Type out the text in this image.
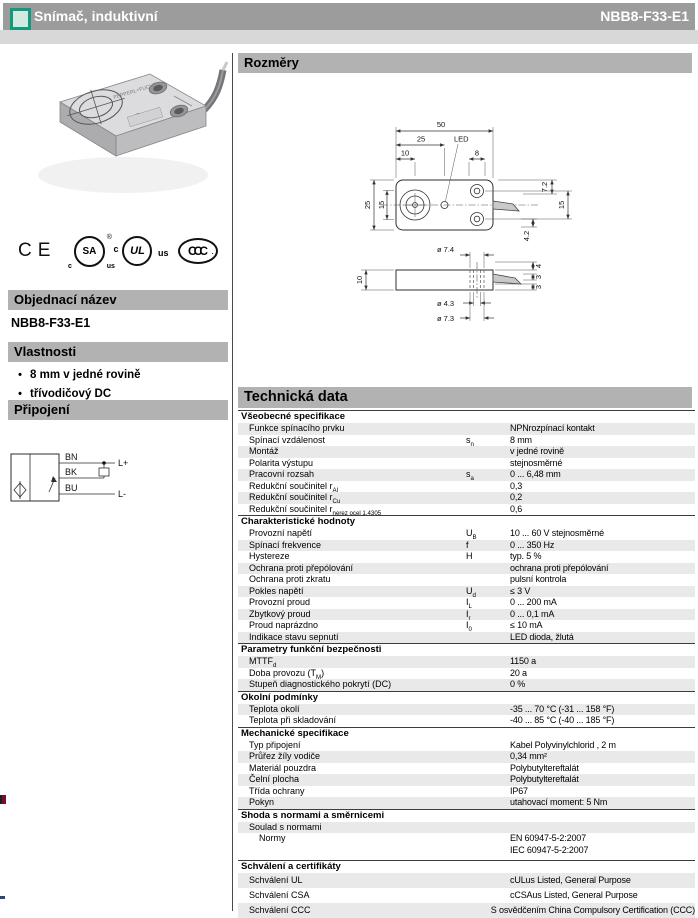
Snímač, induktivní	NBB8-F33-E1
PEPPERL+FUCHS
CE	SA
®
c	us
c UL us CCC ·
Objednací název
NBB8-F33-E1
Vlastnosti
• 8 mm v jedné rovině
• třívodičový DC
Připojení
BN
BK
BU
L+
L-
Rozměry
50
25	LED
10	8
25 15
7.2
15
4.2
10
ø 7.4
4
3
3
ø 4.3
ø 7.3
Technická data
Všeobecné specifikace
Funkce spínacího prvku	NPNrozpínací kontakt
Spínací vzdálenost	$s_n$	8 mm
Montáž	v jedné rovině
Polarita výstupu	stejnosměrné
Pracovní rozsah	$s_a$	0 ... 6,48 mm
Redukční součinitel $r_{Al}$	0,3
Redukční součinitel $r_{Cu}$	0,2
Redukční součinitel $r_{nerez ocel 1.4305}$	0,6
Charakteristické hodnoty
Provozní napětí	$U_B$	10 ... 60 V stejnosměrné
Spínací frekvence	f	0 ... 350 Hz
Hystereze	H	typ. 5 %
Ochrana proti přepólování	ochrana proti přepólování
Ochrana proti zkratu	pulsní kontrola
Pokles napětí	$U_d$	≤ 3 V
Provozní proud	$I_L$	0 ... 200 mA
Zbytkový proud	$I_r$	0 ... 0,1 mA
Proud naprázdno	$I_0$	≤ 10 mA
Indikace stavu sepnutí	LED dioda, žlutá
Parametry funkční bezpečnosti
$MTTF_d$	1150 a
Doba provozu $(T_M)$	20 a
Stupeň diagnostického pokrytí (DC)	0 %
Okolní podmínky
Teplota okolí	-35 ... 70 °C (-31 ... 158 °F)
Teplota při skladování	-40 ... 85 °C (-40 ... 185 °F)
Mechanické specifikace
Typ připojení	Kabel Polyvinylchlorid , 2 m
Průřez žíly vodiče	0,34 mm²
Materiál pouzdra	Polybutyltereftalát
Čelní plocha	Polybutyltereftalát
Třída ochrany	IP67
Pokyn	utahovací moment: 5 Nm
Shoda s normami a směrnicemi
Soulad s normami
Normy	EN 60947-5-2:2007
IEC 60947-5-2:2007
Schválení a certifikáty
Schválení UL	cULus Listed, General Purpose
Schválení CSA	cCSAus Listed, General Purpose
Schválení CCC	S osvědčením China Compulsory Certification (CCC)
